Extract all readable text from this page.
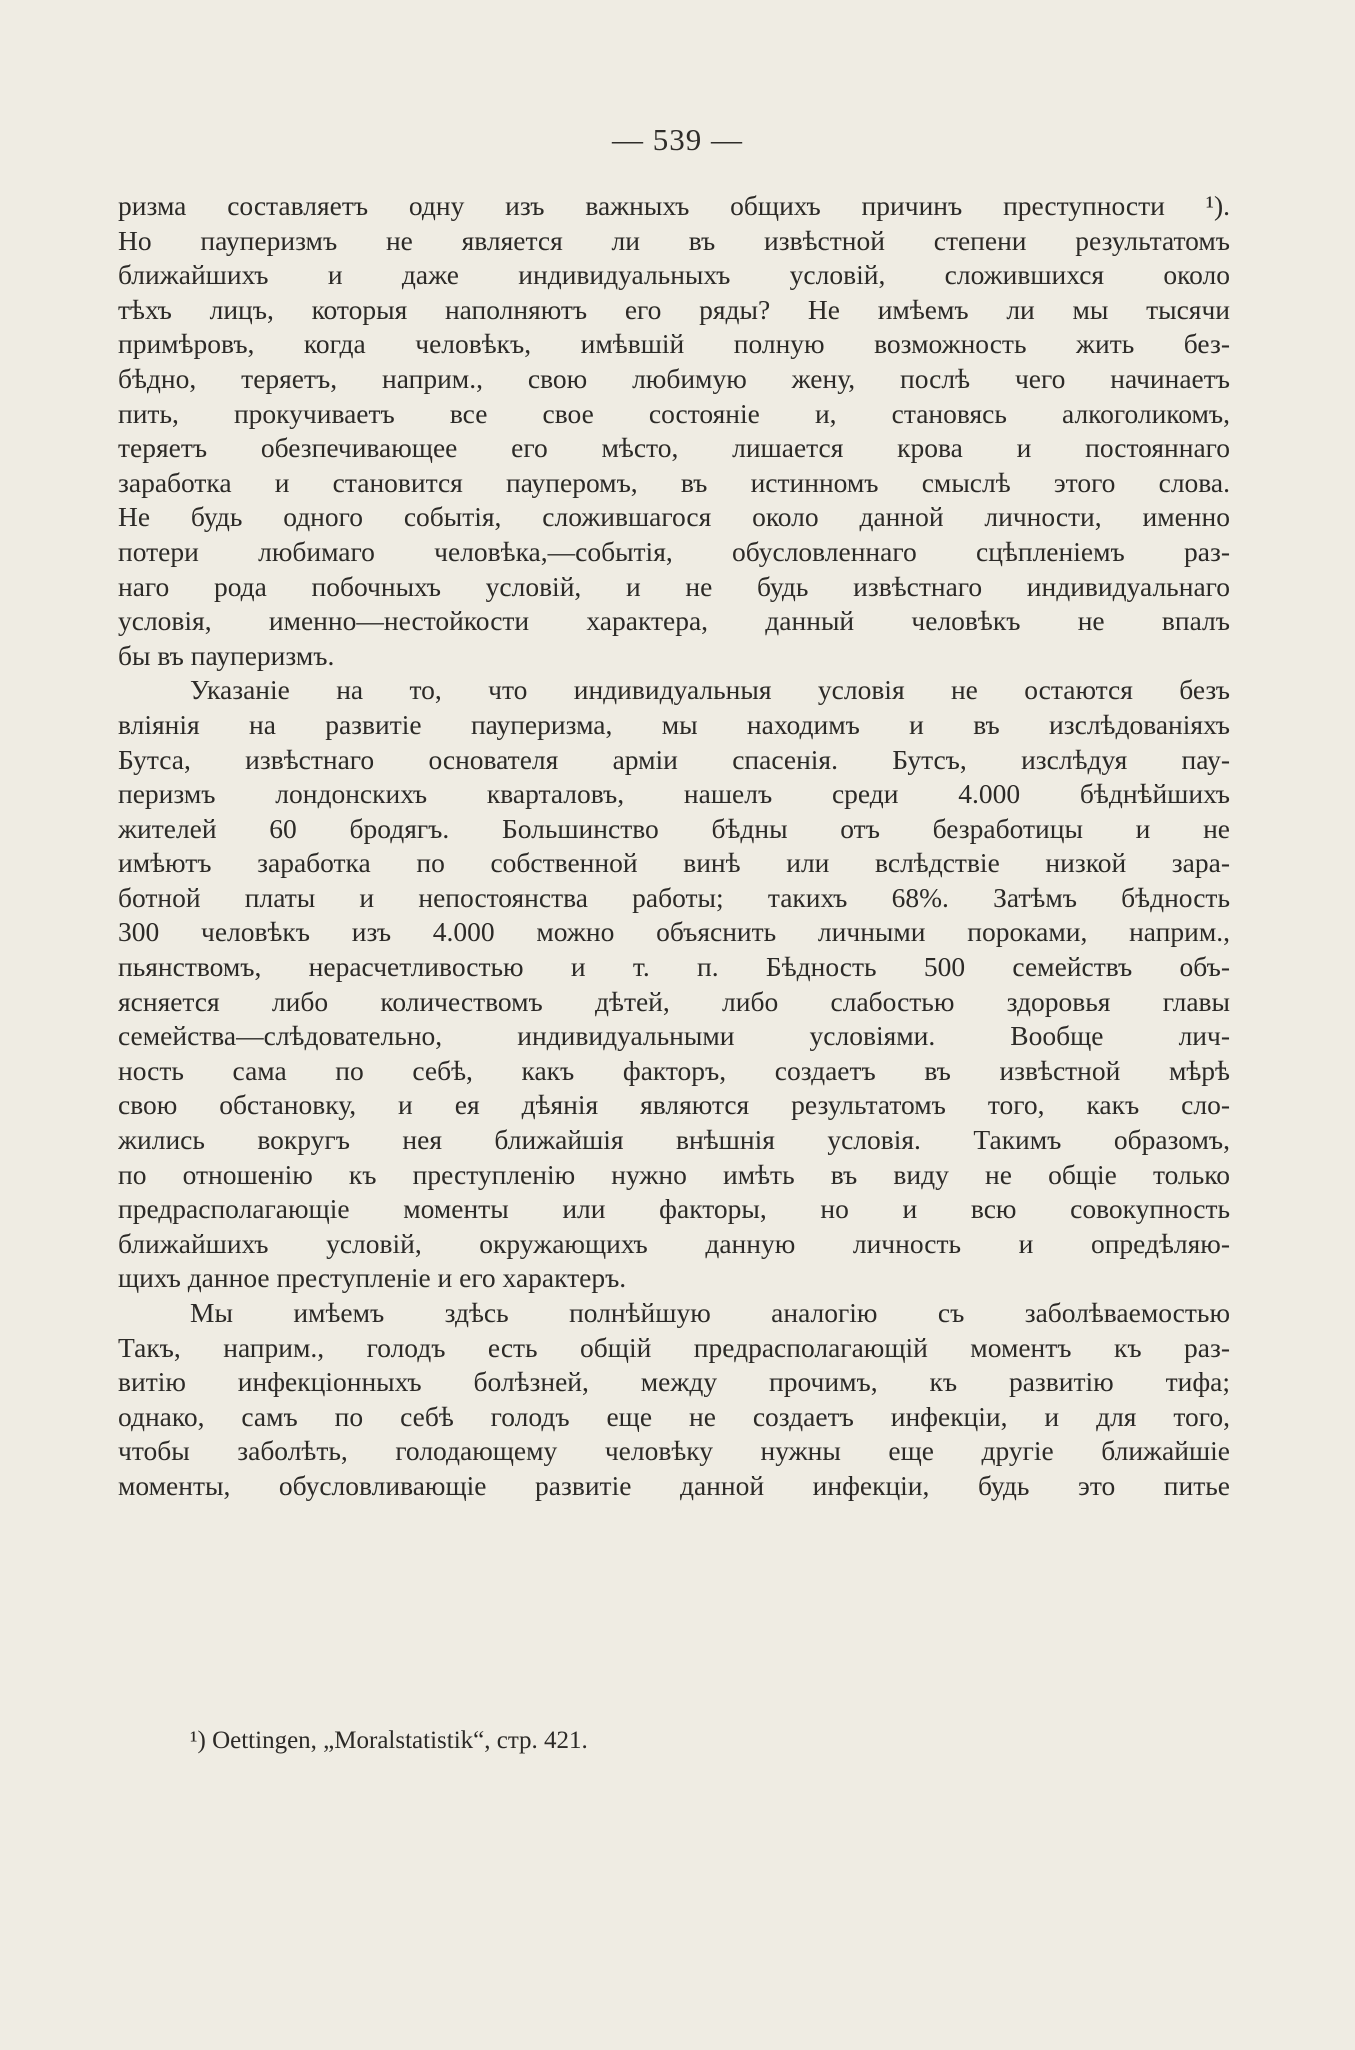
— 539 —
ризма составляетъ одну изъ важныхъ общихъ причинъ преступности ¹).
Но пауперизмъ не является ли въ извѣстной степени результатомъ
ближайшихъ и даже индивидуальныхъ условій, сложившихся около
тѣхъ лицъ, которыя наполняютъ его ряды? Не имѣемъ ли мы тысячи
примѣровъ, когда человѣкъ, имѣвшій полную возможность жить без-
бѣдно, теряетъ, наприм., свою любимую жену, послѣ чего начинаетъ
пить, прокучиваетъ все свое состояніе и, становясь алкоголикомъ,
теряетъ обезпечивающее его мѣсто, лишается крова и постояннаго
заработка и становится пауперомъ, въ истинномъ смыслѣ этого слова.
Не будь одного событія, сложившагося около данной личности, именно
потери любимаго человѣка,—событія, обусловленнаго сцѣпленіемъ раз-
наго рода побочныхъ условій, и не будь извѣстнаго индивидуальнаго
условія, именно—нестойкости характера, данный человѣкъ не впалъ
бы въ пауперизмъ.
Указаніе на то, что индивидуальныя условія не остаются безъ
вліянія на развитіе пауперизма, мы находимъ и въ изслѣдованіяхъ
Бутса, извѣстнаго основателя арміи спасенія. Бутсъ, изслѣдуя пау-
перизмъ лондонскихъ кварталовъ, нашелъ среди 4.000 бѣднѣйшихъ
жителей 60 бродягъ. Большинство бѣдны отъ безработицы и не
имѣютъ заработка по собственной винѣ или вслѣдствіе низкой зара-
ботной платы и непостоянства работы; такихъ 68%. Затѣмъ бѣдность
300 человѣкъ изъ 4.000 можно объяснить личными пороками, наприм.,
пьянствомъ, нерасчетливостью и т. п. Бѣдность 500 семействъ объ-
ясняется либо количествомъ дѣтей, либо слабостью здоровья главы
семейства—слѣдовательно, индивидуальными условіями. Вообще лич-
ность сама по себѣ, какъ факторъ, создаетъ въ извѣстной мѣрѣ
свою обстановку, и ея дѣянія являются результатомъ того, какъ сло-
жились вокругъ нея ближайшія внѣшнія условія. Такимъ образомъ,
по отношенію къ преступленію нужно имѣть въ виду не общіе только
предрасполагающіе моменты или факторы, но и всю совокупность
ближайшихъ условій, окружающихъ данную личность и опредѣляю-
щихъ данное преступленіе и его характеръ.
Мы имѣемъ здѣсь полнѣйшую аналогію съ заболѣваемостью
Такъ, наприм., голодъ есть общій предрасполагающій моментъ къ раз-
витію инфекціонныхъ болѣзней, между прочимъ, къ развитію тифа;
однако, самъ по себѣ голодъ еще не создаетъ инфекціи, и для того,
чтобы заболѣть, голодающему человѣку нужны еще другіе ближайшіе
моменты, обусловливающіе развитіе данной инфекціи, будь это питье
¹) Oettingen, „Moralstatistik“, стр. 421.
